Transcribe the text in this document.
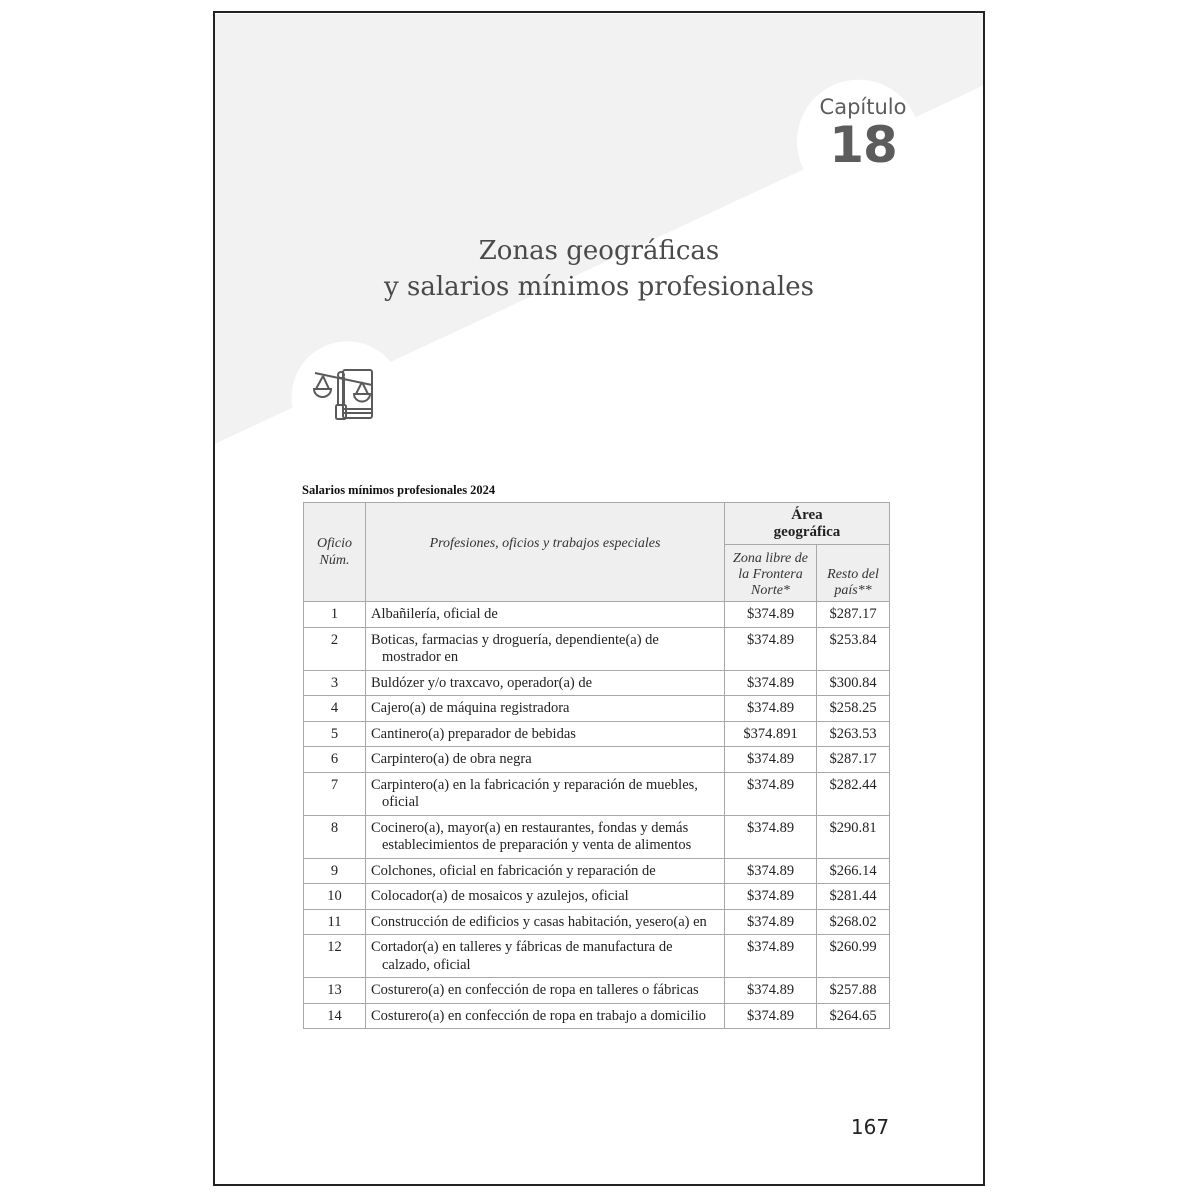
Capítulo
18
Zonas geográficas
y salarios mínimos profesionales
Salarios mínimos profesionales 2024
Oficio Núm.	Profesiones, oficios y trabajos especiales	Área geográfica	
		Zona libre de la Frontera Norte*	Resto del país**
1	Albañilería, oficial de	$374.89	$287.17
2	Boticas, farmacias y droguería, dependiente(a) de mostrador en	$374.89	$253.84
3	Buldózer y/o traxcavo, operador(a) de	$374.89	$300.84
4	Cajero(a) de máquina registradora	$374.89	$258.25
5	Cantinero(a) preparador de bebidas	$374.891	$263.53
6	Carpintero(a) de obra negra	$374.89	$287.17
7	Carpintero(a) en la fabricación y reparación de muebles, oficial	$374.89	$282.44
8	Cocinero(a), mayor(a) en restaurantes, fondas y demás establecimientos de preparación y venta de alimentos	$374.89	$290.81
9	Colchones, oficial en fabricación y reparación de	$374.89	$266.14
10	Colocador(a) de mosaicos y azulejos, oficial	$374.89	$281.44
11	Construcción de edificios y casas habitación, yesero(a) en	$374.89	$268.02
12	Cortador(a) en talleres y fábricas de manufactura de calzado, oficial	$374.89	$260.99
13	Costurero(a) en confección de ropa en talleres o fábricas	$374.89	$257.88
14	Costurero(a) en confección de ropa en trabajo a domicilio	$374.89	$264.65
167
